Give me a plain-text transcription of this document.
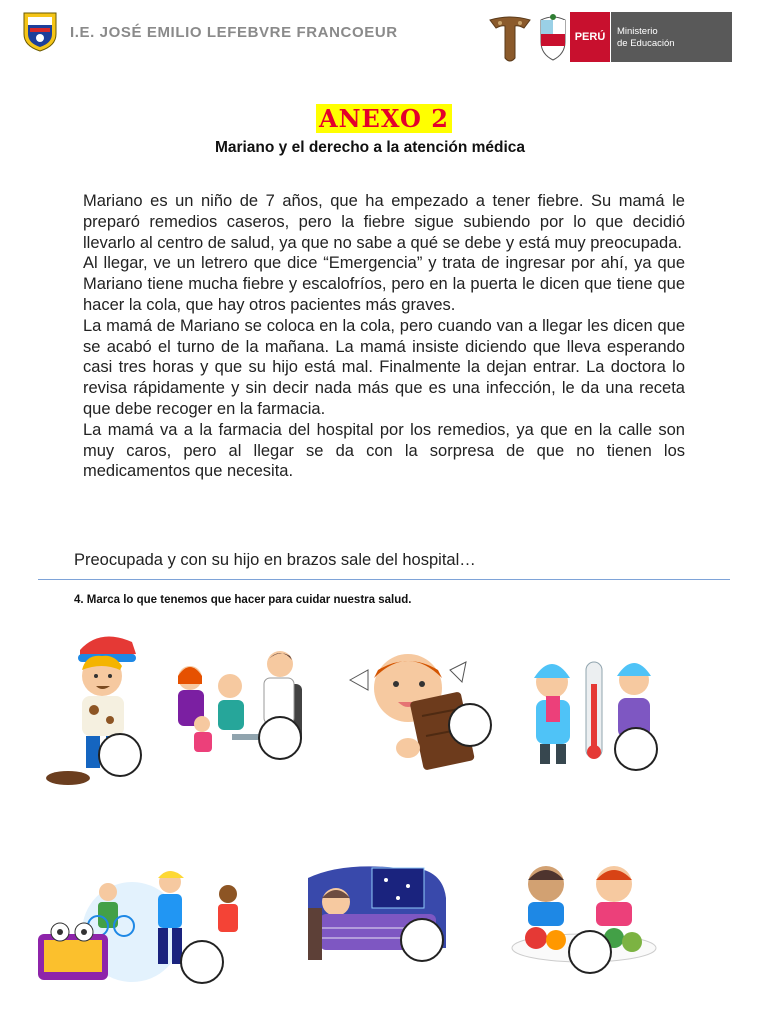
I.E. JOSÉ EMILIO LEFEBVRE FRANCOEUR	PERÚ	Ministerio
de Educación
ANEXO 2
Mariano y el derecho a la atención médica

Mariano es un niño de 7 años, que ha empezado a tener fiebre. Su mamá le preparó remedios caseros, pero la fiebre sigue subiendo por lo que decidió llevarlo al centro de salud, ya que no sabe a qué se debe y está muy preocupada.

Al llegar, ve un letrero que dice “Emergencia” y trata de ingresar por ahí, ya que Mariano tiene mucha fiebre y escalofríos, pero en la puerta le dicen que tiene que hacer la cola, que hay otros pacientes más graves.

La mamá de Mariano se coloca en la cola, pero cuando van a llegar les dicen que se acabó el turno de la mañana. La mamá insiste diciendo que lleva esperando casi tres horas y que su hijo está mal. Finalmente la dejan entrar. La doctora lo revisa rápidamente y sin decir nada más que es una infección, le da una receta que debe recoger en la farmacia.

La mamá va a la farmacia del hospital por los remedios, ya que en la calle son muy caros, pero al llegar se da con la sorpresa de que no tienen los medicamentos que necesita.

Preocupada y con su hijo en brazos sale del hospital…
4. Marca lo que tenemos que hacer para cuidar nuestra salud.
